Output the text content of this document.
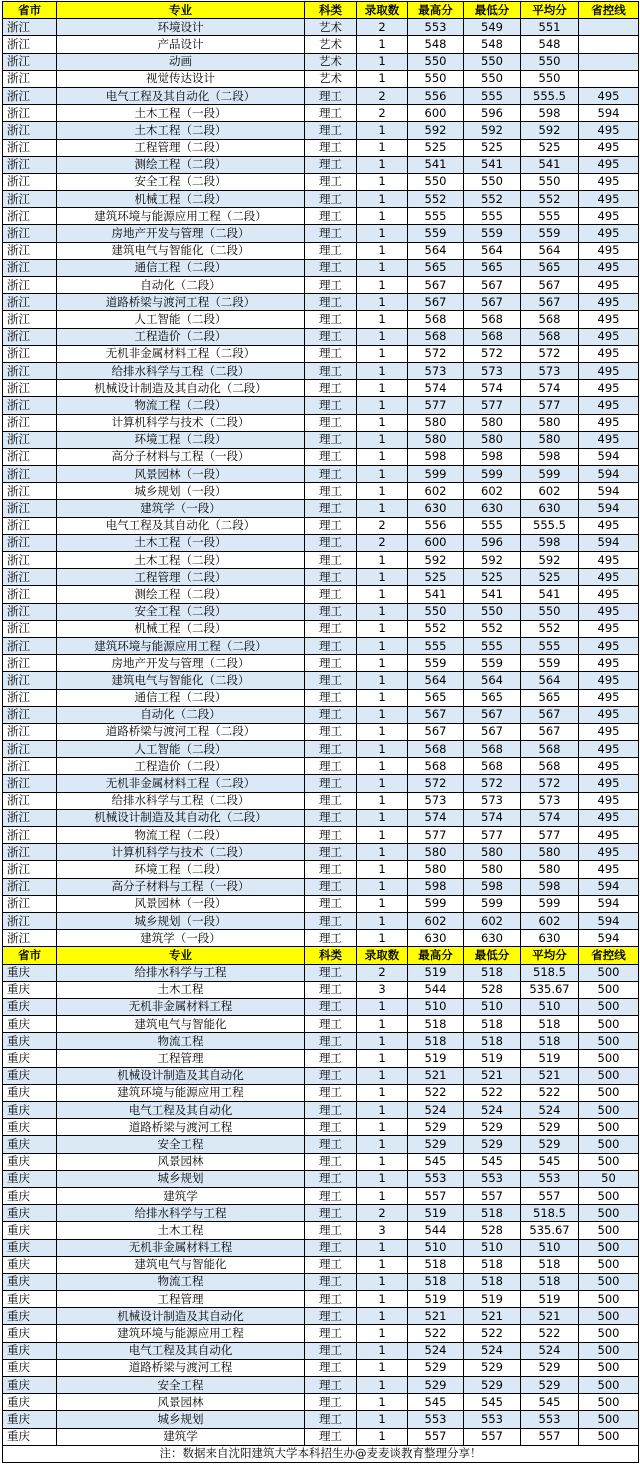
省市	专业	科类	录取数	最高分	最低分	平均分	省控线
浙江	环境设计	艺术	2	553	549	551	
浙江	产品设计	艺术	1	548	548	548	
浙江	动画	艺术	1	550	550	550	
浙江	视觉传达设计	艺术	1	550	550	550	
浙江	电气工程及其自动化（二段）	理工	2	556	555	555.5	495
浙江	土木工程（一段）	理工	2	600	596	598	594
浙江	土木工程（二段）	理工	1	592	592	592	495
浙江	工程管理（二段）	理工	1	525	525	525	495
浙江	测绘工程（二段）	理工	1	541	541	541	495
浙江	安全工程（二段）	理工	1	550	550	550	495
浙江	机械工程（二段）	理工	1	552	552	552	495
浙江	建筑环境与能源应用工程（二段）	理工	1	555	555	555	495
浙江	房地产开发与管理（二段）	理工	1	559	559	559	495
浙江	建筑电气与智能化（二段）	理工	1	564	564	564	495
浙江	通信工程（二段）	理工	1	565	565	565	495
浙江	自动化（二段）	理工	1	567	567	567	495
浙江	道路桥梁与渡河工程（二段）	理工	1	567	567	567	495
浙江	人工智能（二段）	理工	1	568	568	568	495
浙江	工程造价（二段）	理工	1	568	568	568	495
浙江	无机非金属材料工程（二段）	理工	1	572	572	572	495
浙江	给排水科学与工程（二段）	理工	1	573	573	573	495
浙江	机械设计制造及其自动化（二段）	理工	1	574	574	574	495
浙江	物流工程（二段）	理工	1	577	577	577	495
浙江	计算机科学与技术（二段）	理工	1	580	580	580	495
浙江	环境工程（二段）	理工	1	580	580	580	495
浙江	高分子材料与工程（一段）	理工	1	598	598	598	594
浙江	风景园林（一段）	理工	1	599	599	599	594
浙江	城乡规划（一段）	理工	1	602	602	602	594
浙江	建筑学（一段）	理工	1	630	630	630	594
浙江	电气工程及其自动化（二段）	理工	2	556	555	555.5	495
浙江	土木工程（一段）	理工	2	600	596	598	594
浙江	土木工程（二段）	理工	1	592	592	592	495
浙江	工程管理（二段）	理工	1	525	525	525	495
浙江	测绘工程（二段）	理工	1	541	541	541	495
浙江	安全工程（二段）	理工	1	550	550	550	495
浙江	机械工程（二段）	理工	1	552	552	552	495
浙江	建筑环境与能源应用工程（二段）	理工	1	555	555	555	495
浙江	房地产开发与管理（二段）	理工	1	559	559	559	495
浙江	建筑电气与智能化（二段）	理工	1	564	564	564	495
浙江	通信工程（二段）	理工	1	565	565	565	495
浙江	自动化（二段）	理工	1	567	567	567	495
浙江	道路桥梁与渡河工程（二段）	理工	1	567	567	567	495
浙江	人工智能（二段）	理工	1	568	568	568	495
浙江	工程造价（二段）	理工	1	568	568	568	495
浙江	无机非金属材料工程（二段）	理工	1	572	572	572	495
浙江	给排水科学与工程（二段）	理工	1	573	573	573	495
浙江	机械设计制造及其自动化（二段）	理工	1	574	574	574	495
浙江	物流工程（二段）	理工	1	577	577	577	495
浙江	计算机科学与技术（二段）	理工	1	580	580	580	495
浙江	环境工程（二段）	理工	1	580	580	580	495
浙江	高分子材料与工程（一段）	理工	1	598	598	598	594
浙江	风景园林（一段）	理工	1	599	599	599	594
浙江	城乡规划（一段）	理工	1	602	602	602	594
浙江	建筑学（一段）	理工	1	630	630	630	594
省市	专业	科类	录取数	最高分	最低分	平均分	省控线
重庆	给排水科学与工程	理工	2	519	518	518.5	500
重庆	土木工程	理工	3	544	528	535.67	500
重庆	无机非金属材料工程	理工	1	510	510	510	500
重庆	建筑电气与智能化	理工	1	518	518	518	500
重庆	物流工程	理工	1	518	518	518	500
重庆	工程管理	理工	1	519	519	519	500
重庆	机械设计制造及其自动化	理工	1	521	521	521	500
重庆	建筑环境与能源应用工程	理工	1	522	522	522	500
重庆	电气工程及其自动化	理工	1	524	524	524	500
重庆	道路桥梁与渡河工程	理工	1	529	529	529	500
重庆	安全工程	理工	1	529	529	529	500
重庆	风景园林	理工	1	545	545	545	500
重庆	城乡规划	理工	1	553	553	553	50
重庆	建筑学	理工	1	557	557	557	500
重庆	给排水科学与工程	理工	2	519	518	518.5	500
重庆	土木工程	理工	3	544	528	535.67	500
重庆	无机非金属材料工程	理工	1	510	510	510	500
重庆	建筑电气与智能化	理工	1	518	518	518	500
重庆	物流工程	理工	1	518	518	518	500
重庆	工程管理	理工	1	519	519	519	500
重庆	机械设计制造及其自动化	理工	1	521	521	521	500
重庆	建筑环境与能源应用工程	理工	1	522	522	522	500
重庆	电气工程及其自动化	理工	1	524	524	524	500
重庆	道路桥梁与渡河工程	理工	1	529	529	529	500
重庆	安全工程	理工	1	529	529	529	500
重庆	风景园林	理工	1	545	545	545	500
重庆	城乡规划	理工	1	553	553	553	500
重庆	建筑学	理工	1	557	557	557	500
注：数据来自沈阳建筑大学本科招生办@麦麦谈教育整理分享！							
